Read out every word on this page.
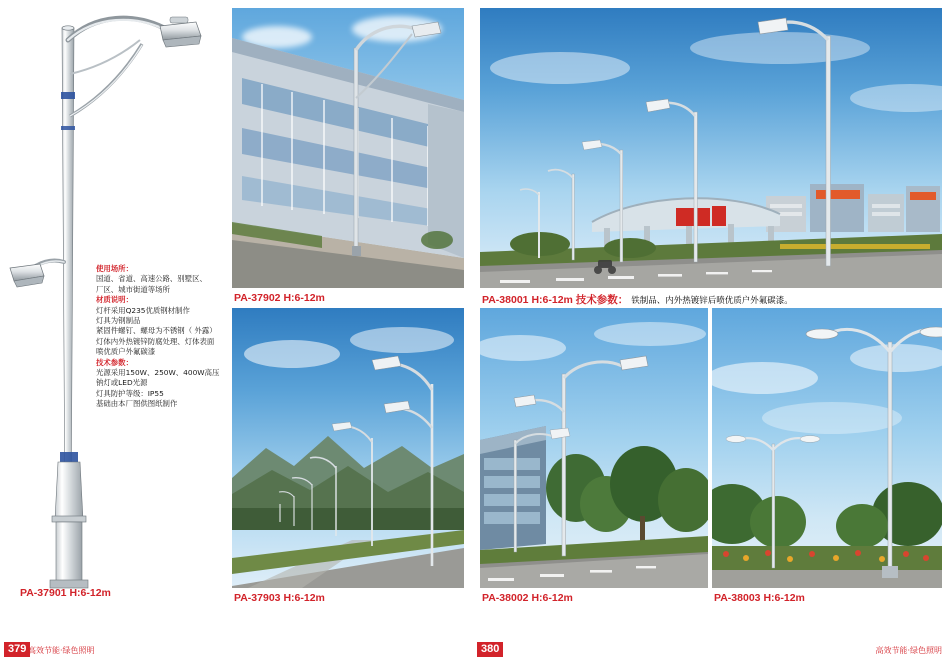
使用场所：
国道、省道、高速公路、别墅区、
厂区、城市街道等场所
材质说明：
灯杆采用Q235优质钢材制作
灯具为钢制品
紧固件螺钉、螺母为不锈钢（ 外露）
灯体内外热镀锌防腐处理、灯体表面
喷优质户外氟碳漆
技术参数：
光源采用150W、250W、400W高压
钠灯或LED光源
灯具防护等级：IP55
基础由本厂图供图纸制作
PA-37901 H:6-12m
PA-37902 H:6-12m
PA-37903 H:6-12m
PA-38001 H:6-12m 技术参数： 铁制品、内外热镀锌后喷优质户外氟碳漆。
PA-38002 H:6-12m	PA-38003 H:6-12m
379 高效节能·绿色照明	380	高效节能·绿色照明
